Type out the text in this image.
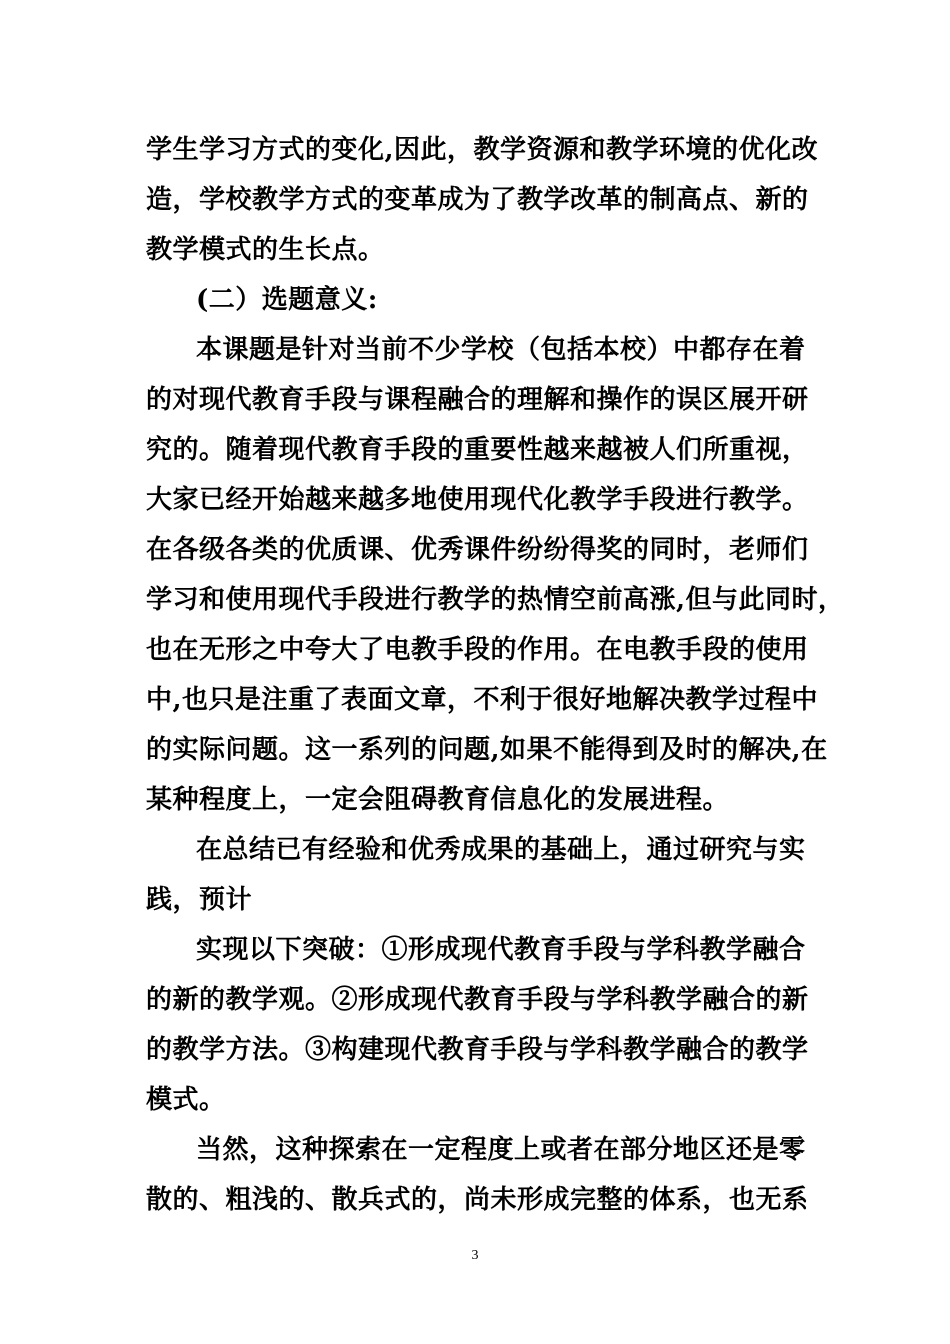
学生学习方式的变化,因此，教学资源和教学环境的优化改
造，学校教学方式的变革成为了教学改革的制高点、新的
教学模式的生长点。
(二）选题意义:
本课题是针对当前不少学校（包括本校）中都存在着
的对现代教育手段与课程融合的理解和操作的误区展开研
究的。随着现代教育手段的重要性越来越被人们所重视，
大家已经开始越来越多地使用现代化教学手段进行教学。
在各级各类的优质课、优秀课件纷纷得奖的同时，老师们
学习和使用现代手段进行教学的热情空前高涨,但与此同时，
也在无形之中夸大了电教手段的作用。在电教手段的使用
中,也只是注重了表面文章，不利于很好地解决教学过程中
的实际问题。这一系列的问题,如果不能得到及时的解决,在
某种程度上，一定会阻碍教育信息化的发展进程。
在总结已有经验和优秀成果的基础上，通过研究与实
践，预计
实现以下突破：①形成现代教育手段与学科教学融合
的新的教学观。②形成现代教育手段与学科教学融合的新
的教学方法。③构建现代教育手段与学科教学融合的教学
模式。
当然，这种探索在一定程度上或者在部分地区还是零
散的、粗浅的、散兵式的，尚未形成完整的体系，也无系
3
